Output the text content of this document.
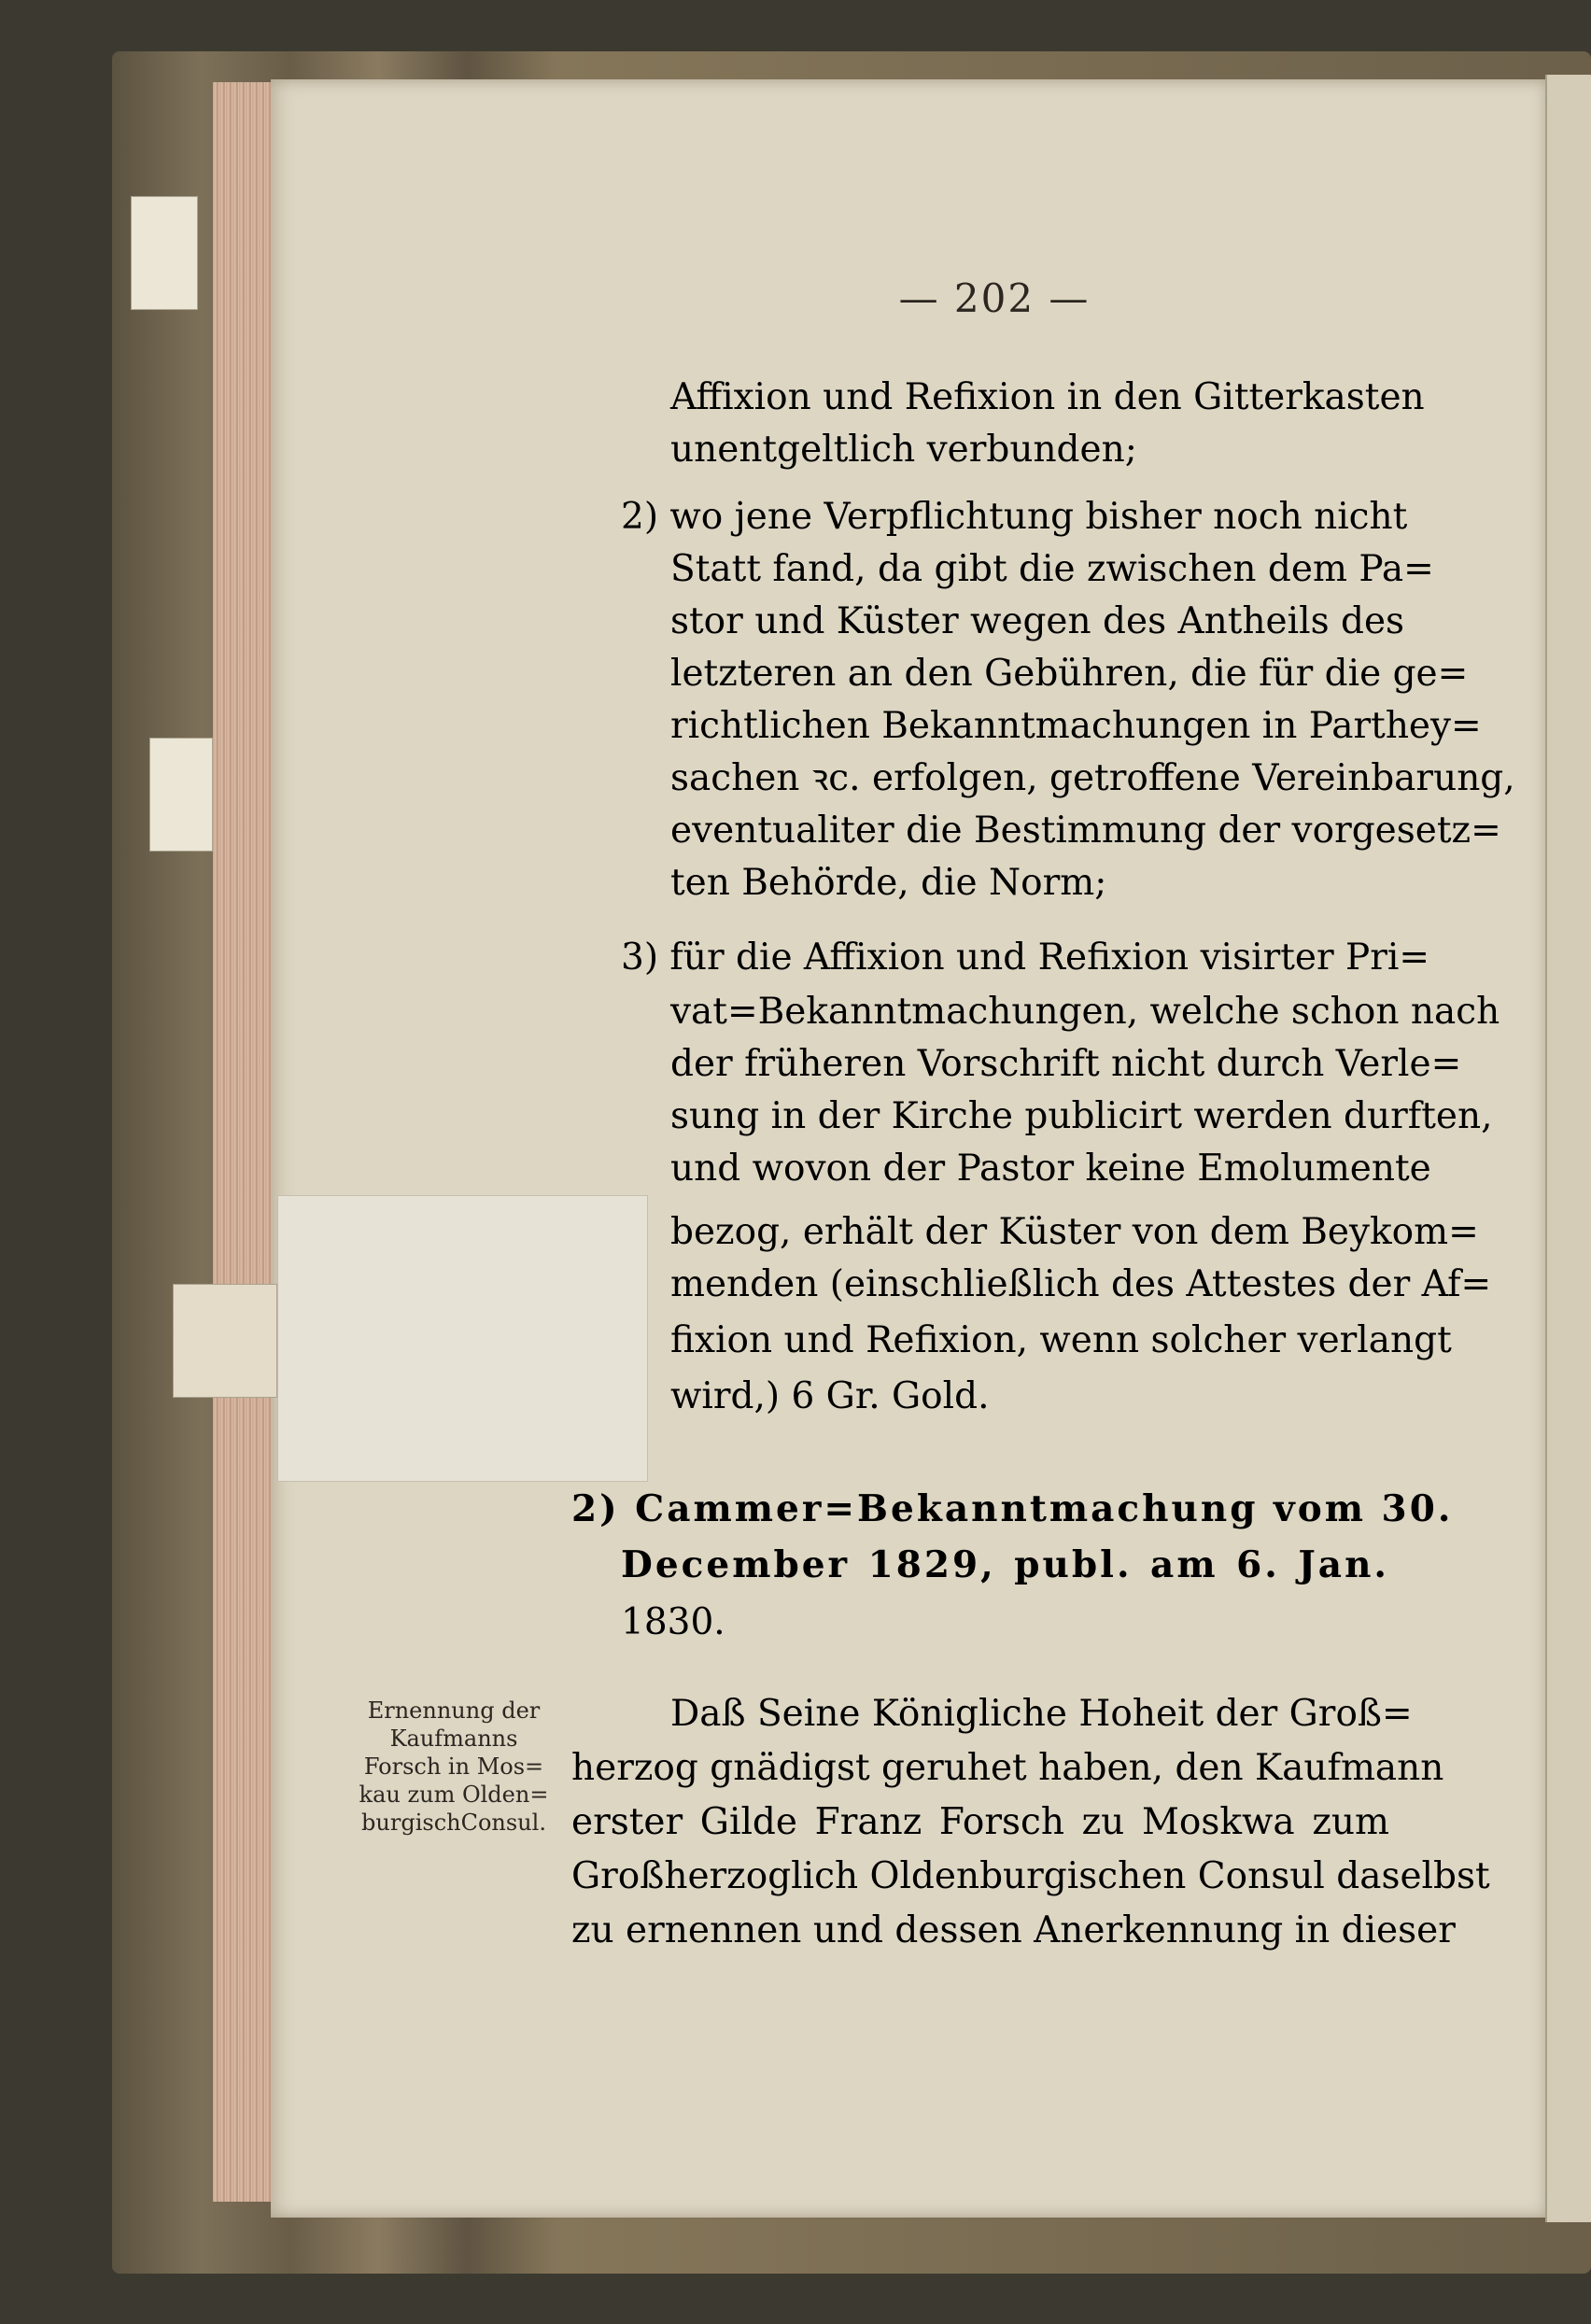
— 202 —
Affixion und Refixion in den Gitterkasten
unentgeltlich verbunden;
2) wo jene Verpflichtung bisher noch nicht
Statt fand, da gibt die zwischen dem Pa=
stor und Küster wegen des Antheils des
letzteren an den Gebühren, die für die ge=
richtlichen Bekanntmachungen in Parthey=
sachen ꝛc. erfolgen, getroffene Vereinbarung,
eventualiter die Bestimmung der vorgesetz=
ten Behörde, die Norm;
3) für die Affixion und Refixion visirter Pri=
vat=Bekanntmachungen, welche schon nach
der früheren Vorschrift nicht durch Verle=
sung in der Kirche publicirt werden durften,
und wovon der Pastor keine Emolumente
bezog, erhält der Küster von dem Beykom=
menden (einschließlich des Attestes der Af=
fixion und Refixion, wenn solcher verlangt
wird,) 6 Gr. Gold.
2) Cammer=Bekanntmachung vom 30.
December 1829, publ. am 6. Jan.
1830.
Daß Seine Königliche Hoheit der Groß=
herzog gnädigst geruhet haben, den Kaufmann
erster Gilde Franz Forsch zu Moskwa zum
Großherzoglich Oldenburgischen Consul daselbst
zu ernennen und dessen Anerkennung in dieser
Ernennung der
Kaufmanns
Forsch in Mos=
kau zum Olden=
burgischConsul.
